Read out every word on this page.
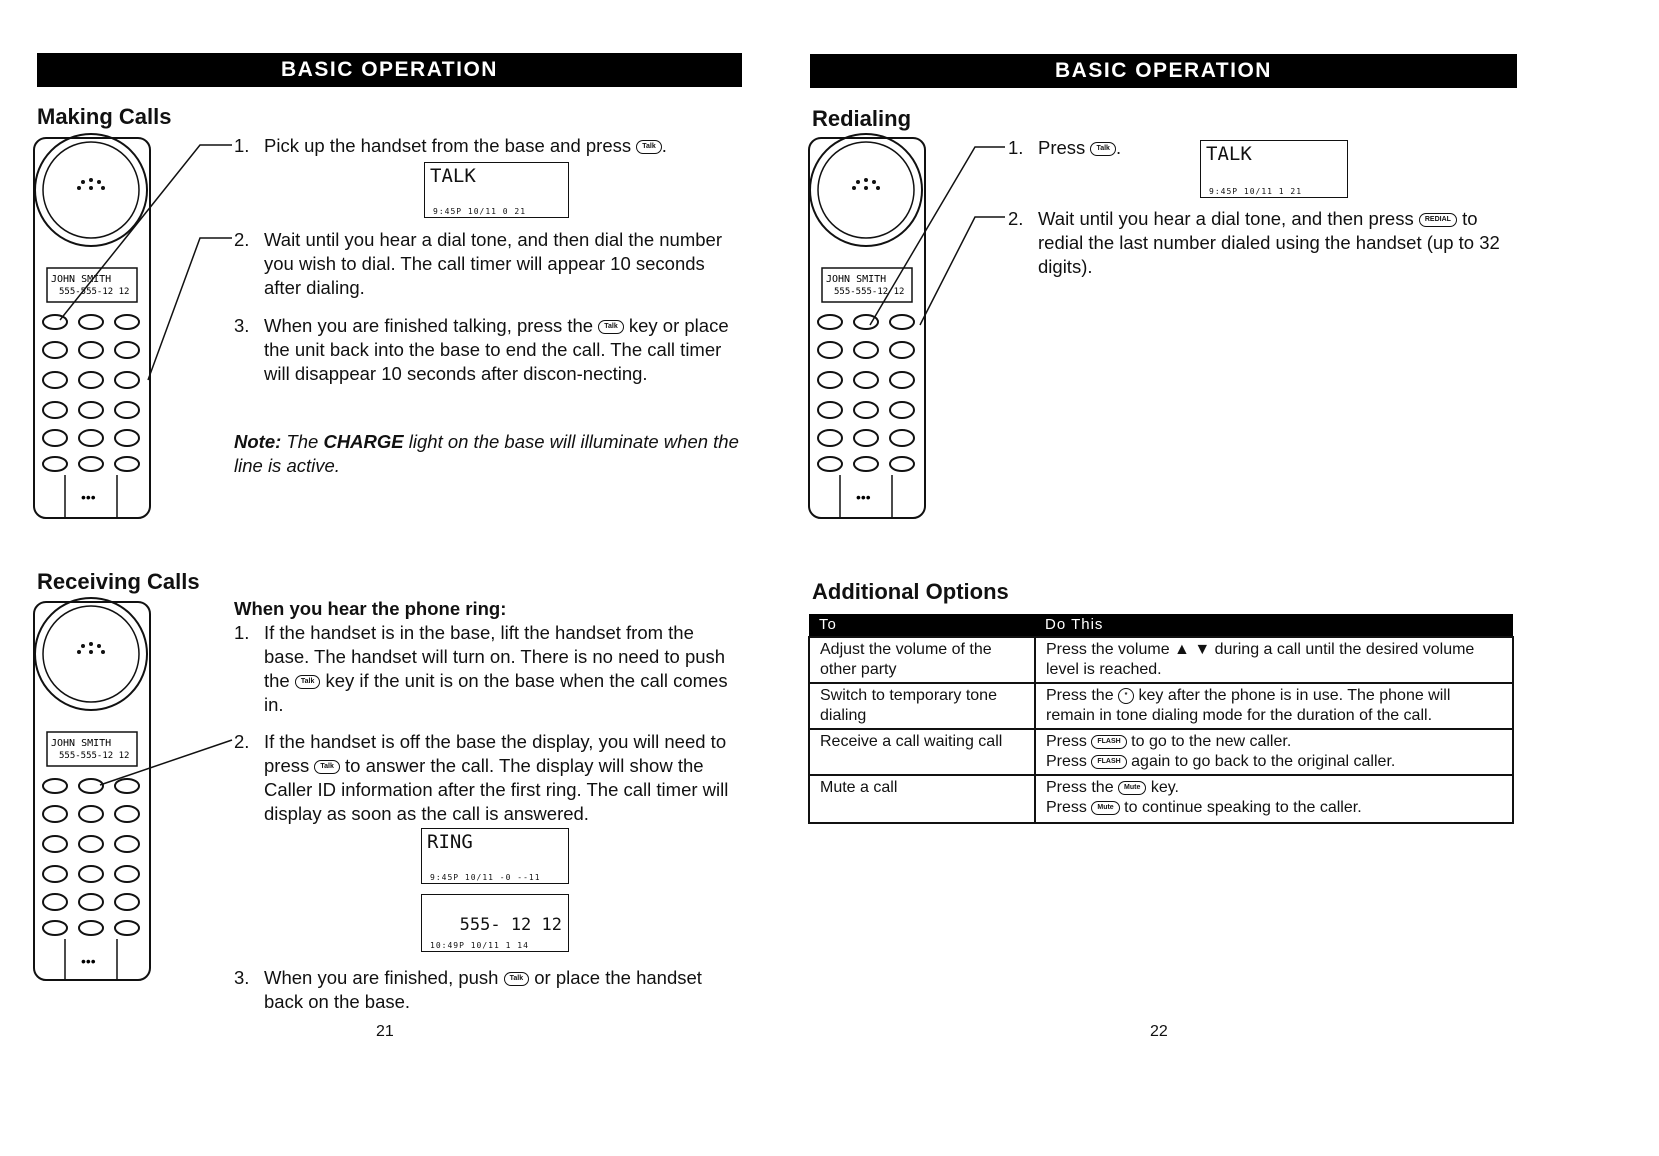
BASIC OPERATION
Making Calls
JOHN SMITH
555-555-12 12
•••
1. Pick up the handset from the base and press Talk .
TALK
9:45P 10/11 0 21
2. Wait until you hear a dial tone, and then dial the number you wish to dial. The call timer will appear 10 seconds after dialing.
3. When you are finished talking, press the Talk key or place the unit back into the base to end the call. The call timer will disappear 10 seconds after discon-necting.
Note: The CHARGE light on the base will illuminate when the line is active.
Receiving Calls
JOHN SMITH
555-555-12 12
•••
When you hear the phone ring:
1. If the handset is in the base, lift the handset from the base. The handset will turn on. There is no need to push the Talk key if the unit is on the base when the call comes in.
2. If the handset is off the base the display, you will need to press Talk to answer the call. The display will show the Caller ID information after the first ring. The call timer will display as soon as the call is answered.
RING
9:45P 10/11 -0 --11
555- 12 12
10:49P 10/11 1 14
3. When you are finished, push Talk or place the handset back on the base.
21
BASIC OPERATION
Redialing
JOHN SMITH
555-555-12 12
•••
1. Press Talk .	TALK
9:45P 10/11 1 21
2. Wait until you hear a dial tone, and then press REDIAL to redial the last number dialed using the handset (up to 32 digits).
Additional Options
To	Do This
Adjust the volume of the other party	Press the volume ▲ ▼ during a call until the desired volume level is reached.
Switch to temporary tone dialing	Press the * key after the phone is in use. The phone will remain in tone dialing mode for the duration of the call.
Receive a call waiting call	Press FLASH to go to the new caller.
Press FLASH again to go back to the original caller.

Mute a call	Press the Mute key.
Press Mute to continue speaking to the caller.
22
